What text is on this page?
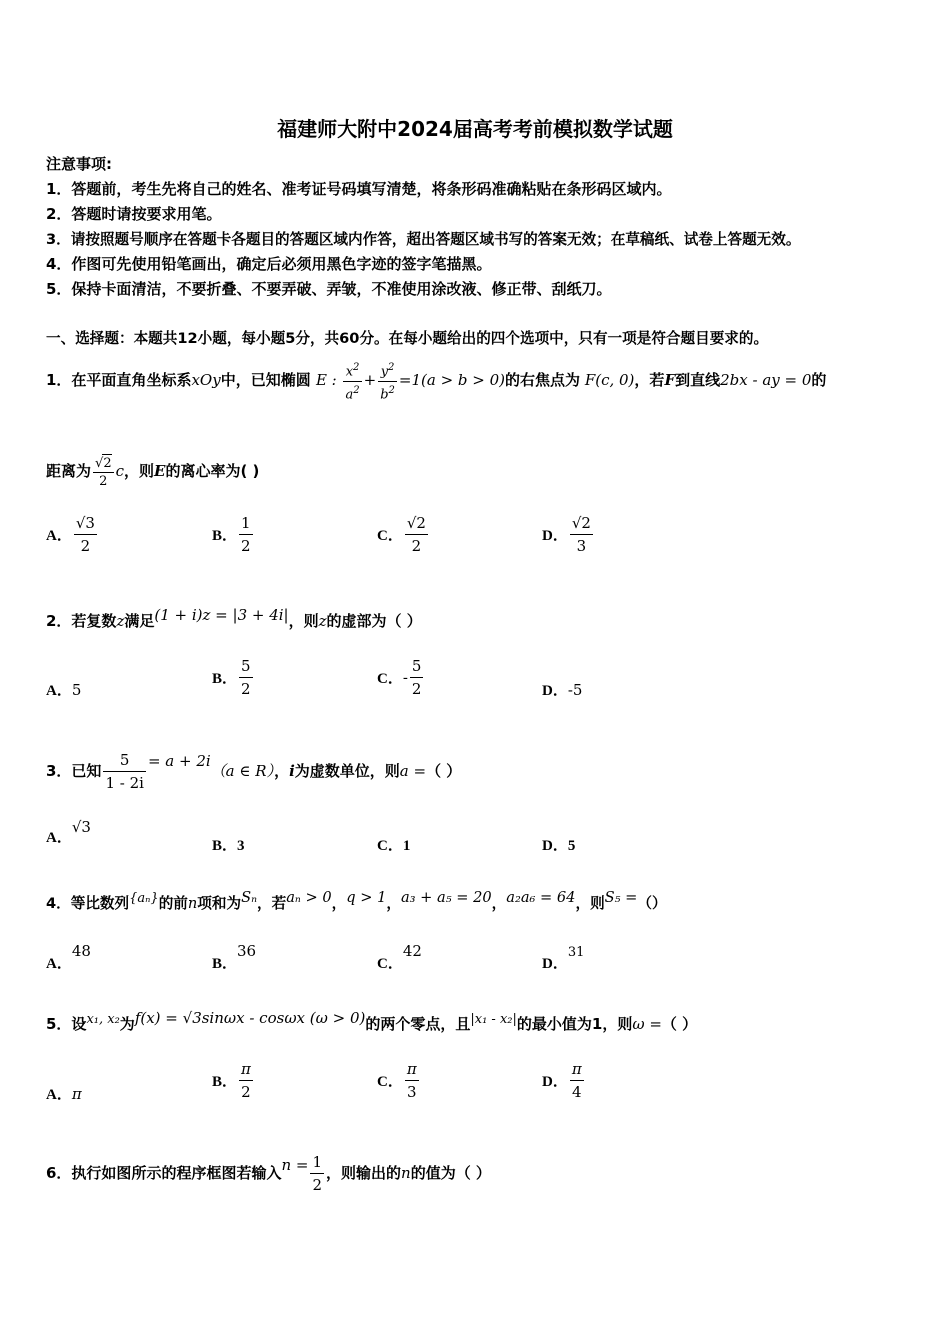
福建师大附中2024届高考考前模拟数学试题
注意事项:
1．答题前，考生先将自己的姓名、准考证号码填写清楚，将条形码准确粘贴在条形码区域内。
2．答题时请按要求用笔。
3．请按照题号顺序在答题卡各题目的答题区域内作答，超出答题区域书写的答案无效；在草稿纸、试卷上答题无效。
4．作图可先使用铅笔画出，确定后必须用黑色字迹的签字笔描黑。
5．保持卡面清洁，不要折叠、不要弄破、弄皱，不准使用涂改液、修正带、刮纸刀。
一、选择题：本题共12小题，每小题5分，共60分。在每小题给出的四个选项中，只有一项是符合题目要求的。
1．在平面直角坐标系xOy中，已知椭圆 E : $\frac{x^2}{a^2} + \frac{y^2}{b^2} =1(a > b > 0)$的右焦点为 F(c, 0)，若F到直线2bx - ay = 0的
距离为 $\frac{√2}{2}$ c，则E的离心率为( )
A． $\frac{√3}{2}$	B． $\frac{1}{2}$	C． $\frac{√2}{2}$	D． $\frac{√2}{3}$
2．若复数z满足(1 + i)z = |3 + 4i|，则z的虚部为（ ）
A．5
B． $\frac{5}{2}$	C．- $\frac{5}{2}$	D．-5
3．已知 $\frac{5}{1 - 2i} = a + 2i(a$ ∈ R），i为虚数单位，则a =（ ）
A．√3
B．3	C．1	D．5
4．等比数列{aₙ}的前n项和为Sₙ，若aₙ > 0，q > 1，a₃ + a₅ = 20，a₂a₆ = 64，则S₅ =（）
A．48
B．36
C．42
D．31
5．设x₁, x₂为f(x) = √3sinωx - cosωx (ω > 0)的两个零点，且|x₁ - x₂|的最小值为1，则ω =（ ）
A．π
B． $\frac{\pi}{2}$	C． $\frac{\pi}{3}$	D． $\frac{\pi}{4}$
6．执行如图所示的程序框图若输入$n = \frac{1}{2}$ ，则输出的n的值为（ ）
